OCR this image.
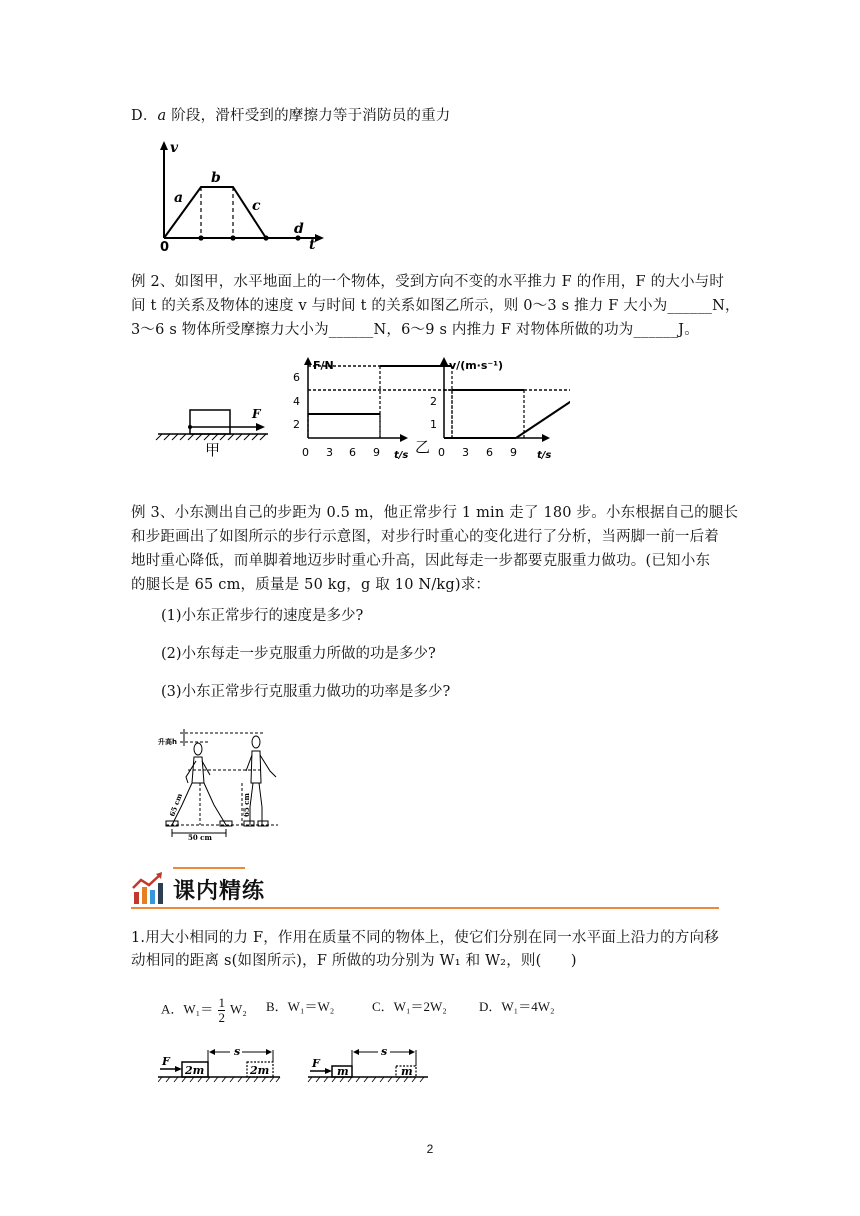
D．a 阶段，滑杆受到的摩擦力等于消防员的重力
v
a
b
c
d
t
0
例 2、如图甲，水平地面上的一个物体，受到方向不变的水平推力 F 的作用，F 的大小与时
间 t 的关系及物体的速度 v 与时间 t 的关系如图乙所示，则 0～3 s 推力 F 大小为______N，
3～6 s 物体所受摩擦力大小为______N，6～9 s 内推力 F 对物体所做的功为______J。
F
甲
F/N
t/s
6
4
2
0 3 6 9
v/(m·s⁻¹)
t/s
2
1
0 3 6 9
乙
例 3、小东测出自己的步距为 0.5 m，他正常步行 1 min 走了 180 步。小东根据自己的腿长
和步距画出了如图所示的步行示意图，对步行时重心的变化进行了分析，当两脚一前一后着
地时重心降低，而单脚着地迈步时重心升高，因此每走一步都要克服重力做功。(已知小东
的腿长是 65 cm，质量是 50 kg，g 取 10 N/kg)求：
(1)小东正常步行的速度是多少?
(2)小东每走一步克服重力所做的功是多少?
(3)小东正常步行克服重力做功的功率是多少?
升高h
65 cm	65 cm
50 cm
课内精练
1.用大小相同的力 F，作用在质量不同的物体上，使它们分别在同一水平面上沿力的方向移
动相同的距离 s(如图所示)，F 所做的功分别为 W₁ 和 W₂，则(　　)
A．$W_1= \frac{1}{2} W_2$ B．W₁＝W₂	C．W₁＝2W₂ D．W₁＝4W₂
F
2m	2m
s
F
m	m
s
2
